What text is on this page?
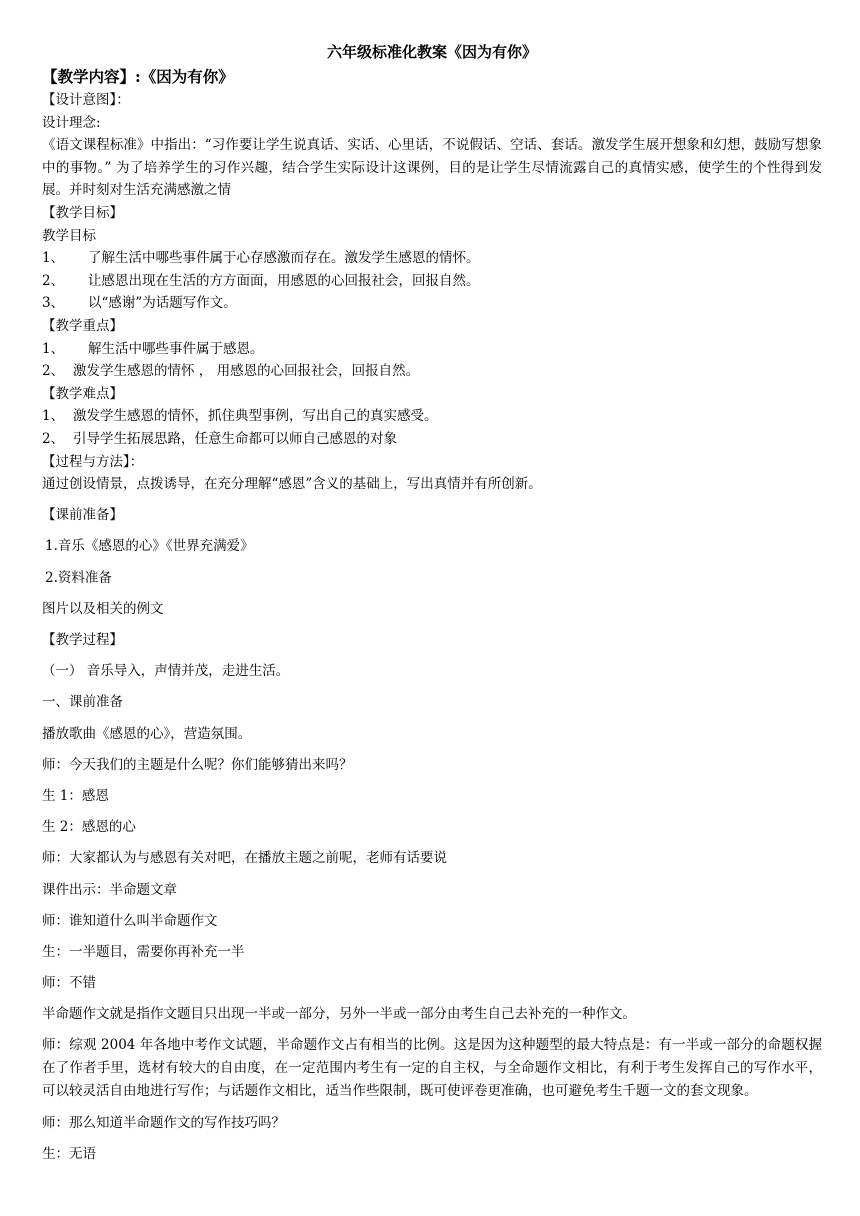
六年级标准化教案《因为有你》
【教学内容】:《因为有你》
【设计意图】：
设计理念:
《语文课程标准》中指出：“习作要让学生说真话、实话、心里话，不说假话、空话、套话。激发学生展开想象和幻想，鼓励写想象中的事物。” 为了培养学生的习作兴趣，结合学生实际设计这课例，目的是让学生尽情流露自己的真情实感，使学生的个性得到发展。并时刻对生活充满感激之情
【教学目标】
教学目标
1、 了解生活中哪些事件属于心存感激而存在。激发学生感恩的情怀。
2、 让感恩出现在生活的方方面面，用感恩的心回报社会，回报自然。
3、 以“感谢”为话题写作文。
【教学重点】
1、 解生活中哪些事件属于感恩。
2、 激发学生感恩的情怀 ， 用感恩的心回报社会，回报自然。
【教学难点】
1、 激发学生感恩的情怀，抓住典型事例，写出自己的真实感受。
2、 引导学生拓展思路，任意生命都可以师自己感恩的对象
【过程与方法】：
通过创设情景，点拨诱导，在充分理解“感恩”含义的基础上，写出真情并有所创新。
【课前准备】
1.音乐《感恩的心》《世界充满爱》
2.资料准备
图片以及相关的例文
【教学过程】
（一） 音乐导入，声情并茂，走进生活。
一、课前准备
播放歌曲《感恩的心》，营造氛围。
师：今天我们的主题是什么呢？你们能够猜出来吗？
生 1：感恩
生 2：感恩的心
师：大家都认为与感恩有关对吧，在播放主题之前呢，老师有话要说
课件出示：半命题文章
师：谁知道什么叫半命题作文
生：一半题目，需要你再补充一半
师：不错
半命题作文就是指作文题目只出现一半或一部分，另外一半或一部分由考生自己去补充的一种作文。
师：综观 2004 年各地中考作文试题，半命题作文占有相当的比例。这是因为这种题型的最大特点是：有一半或一部分的命题权握在了作者手里，选材有较大的自由度，在一定范围内考生有一定的自主权，与全命题作文相比，有利于考生发挥自己的写作水平，可以较灵活自由地进行写作；与话题作文相比，适当作些限制，既可使评卷更准确，也可避免考生千题一文的套文现象。
师：那么知道半命题作文的写作技巧吗？
生：无语
